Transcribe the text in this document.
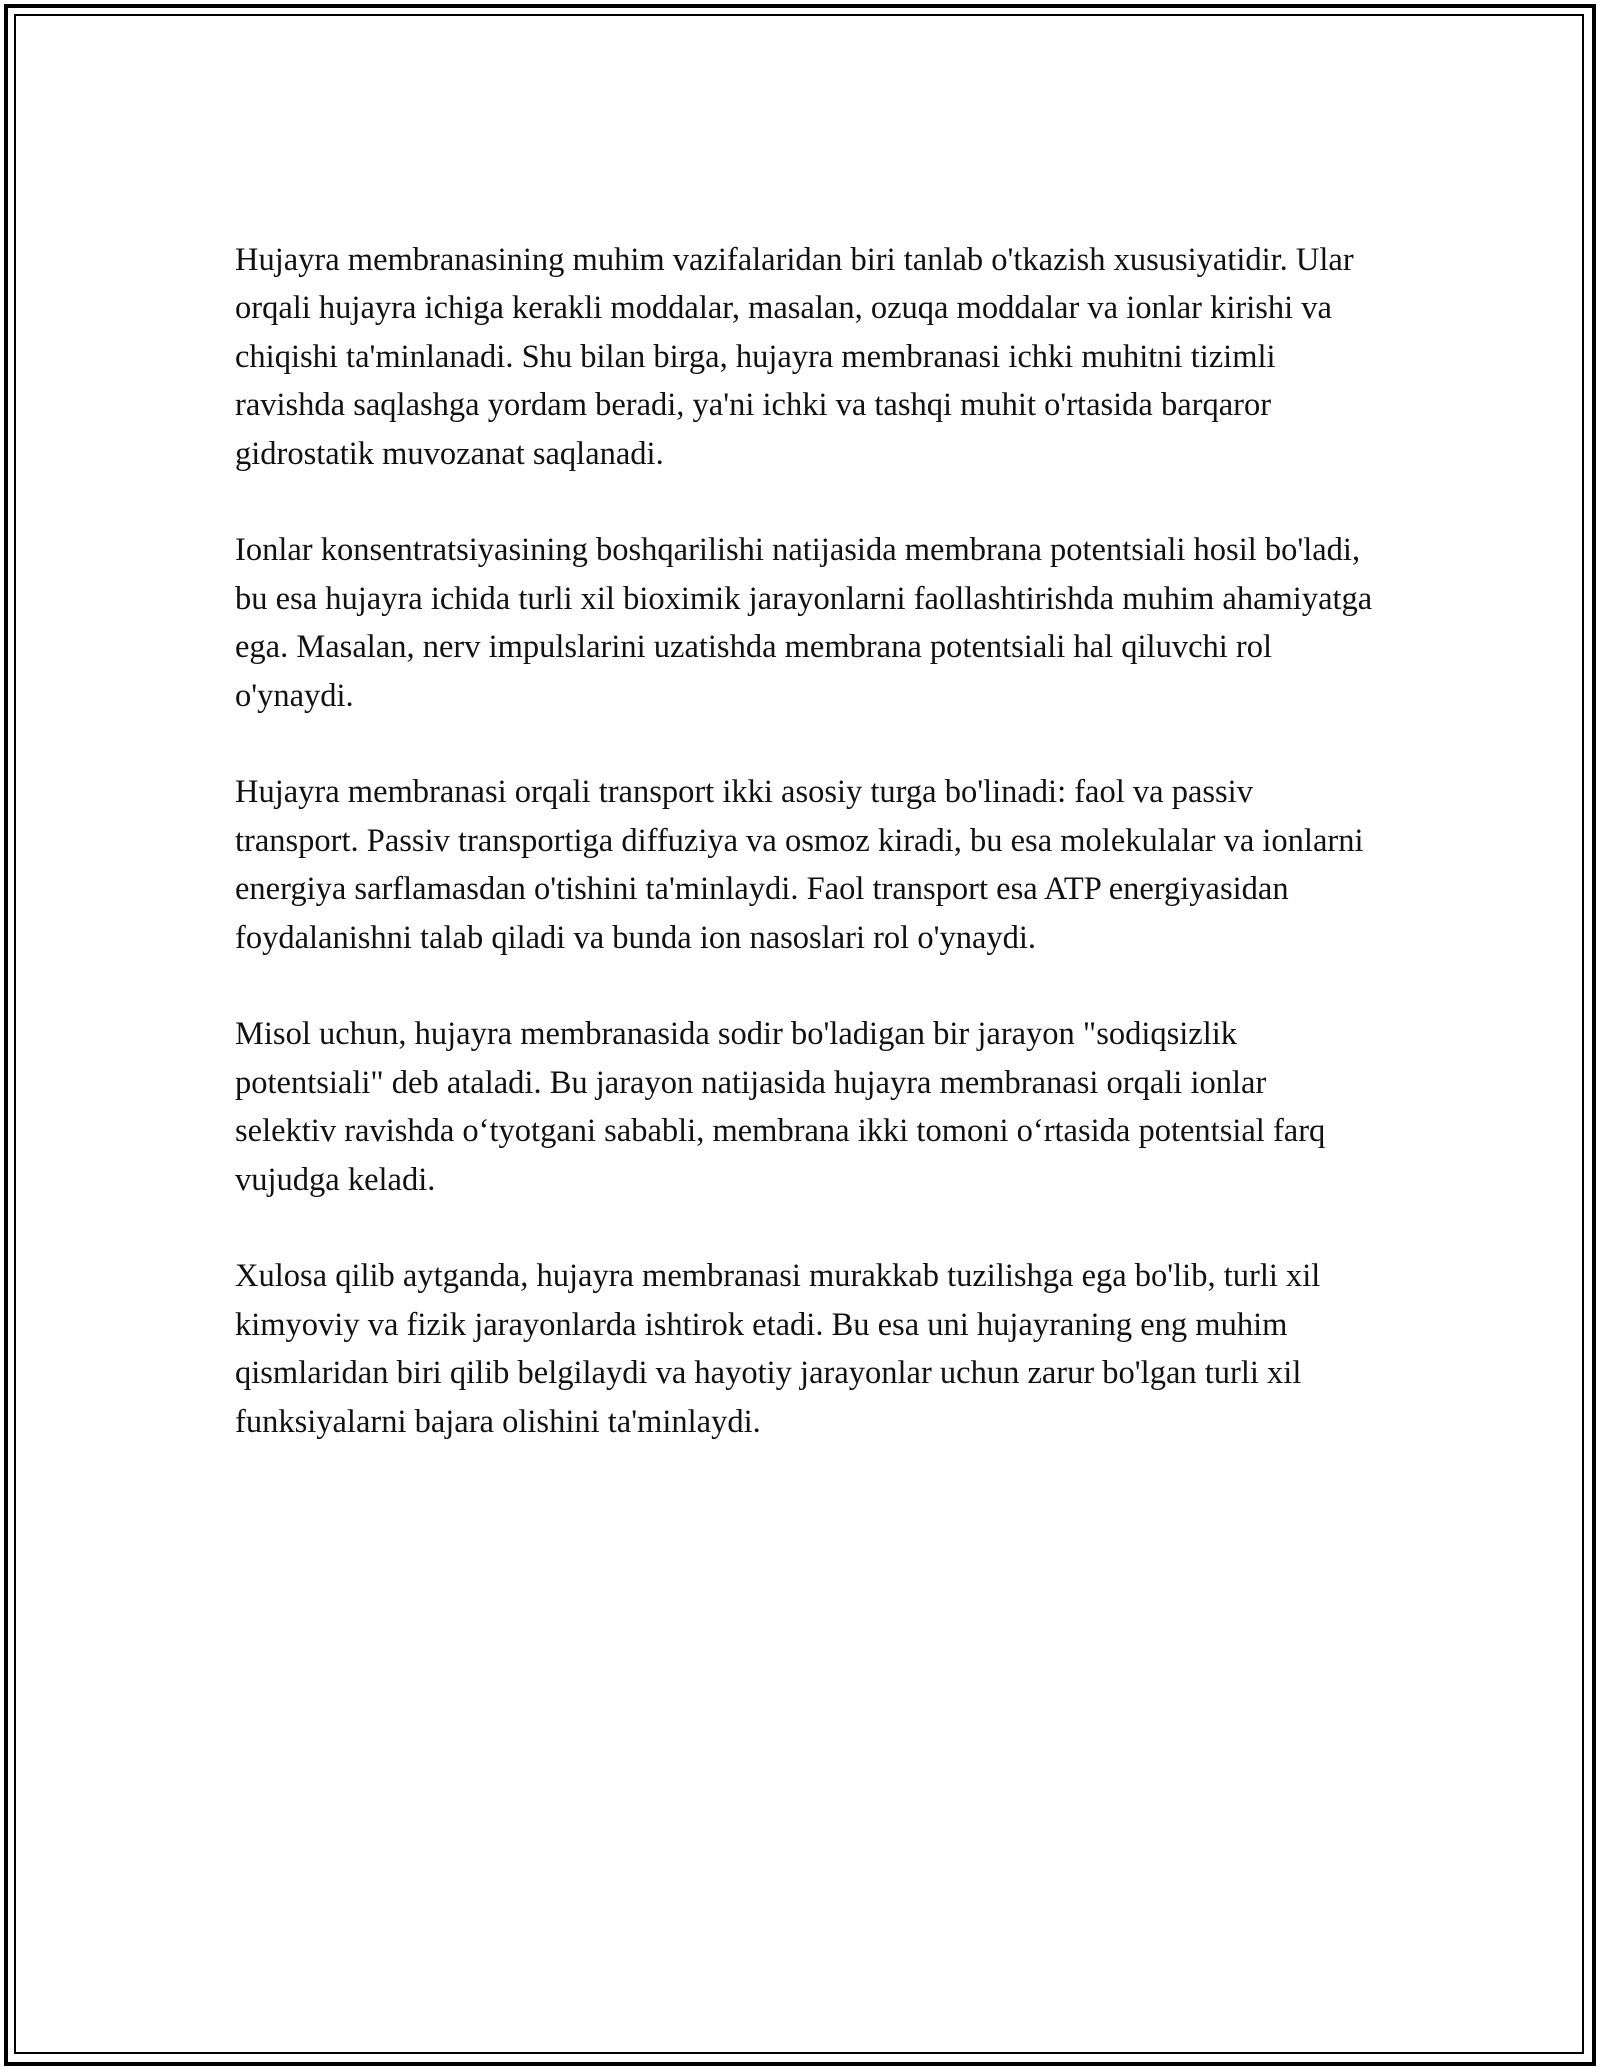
Hujayra membranasining muhim vazifalaridan biri tanlab o'tkazish xususiyatidir. Ular orqali hujayra ichiga kerakli moddalar, masalan, ozuqa moddalar va ionlar kirishi va chiqishi ta'minlanadi. Shu bilan birga, hujayra membranasi ichki muhitni tizimli ravishda saqlashga yordam beradi, ya'ni ichki va tashqi muhit o'rtasida barqaror gidrostatik muvozanat saqlanadi.

Ionlar konsentratsiyasining boshqarilishi natijasida membrana potentsiali hosil bo'ladi, bu esa hujayra ichida turli xil bioximik jarayonlarni faollashtirishda muhim ahamiyatga ega. Masalan, nerv impulslarini uzatishda membrana potentsiali hal qiluvchi rol o'ynaydi.

Hujayra membranasi orqali transport ikki asosiy turga bo'linadi: faol va passiv transport. Passiv transportiga diffuziya va osmoz kiradi, bu esa molekulalar va ionlarni energiya sarflamasdan o'tishini ta'minlaydi. Faol transport esa ATP energiyasidan foydalanishni talab qiladi va bunda ion nasoslari rol o'ynaydi.

Misol uchun, hujayra membranasida sodir bo'ladigan bir jarayon "sodiqsizlik potentsiali" deb ataladi. Bu jarayon natijasida hujayra membranasi orqali ionlar selektiv ravishda o‘tyotgani sababli, membrana ikki tomoni o‘rtasida potentsial farq vujudga keladi.

Xulosa qilib aytganda, hujayra membranasi murakkab tuzilishga ega bo'lib, turli xil kimyoviy va fizik jarayonlarda ishtirok etadi. Bu esa uni hujayraning eng muhim qismlaridan biri qilib belgilaydi va hayotiy jarayonlar uchun zarur bo'lgan turli xil funksiyalarni bajara olishini ta'minlaydi.
